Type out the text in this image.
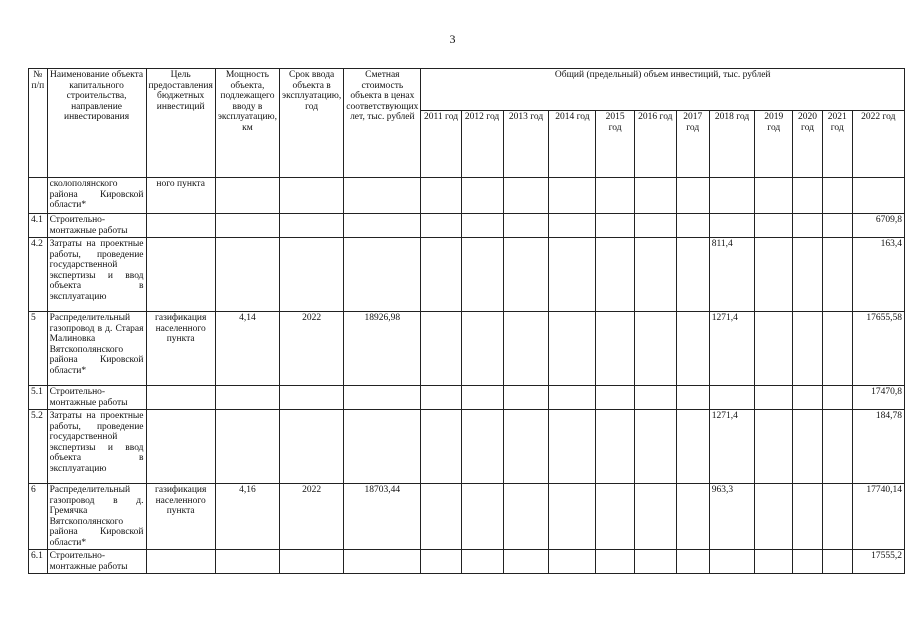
3
№ п/п	Наименование объекта капитального строительства, направление инвестирования	Цель предоставления бюджетных инвестиций	Мощность объекта, подлежащего вводу в эксплуатацию, км	Срок ввода объекта в эксплуатацию, год	Сметная стоимость объекта в ценах соответствующих лет, тыс. рублей	Общий (предельный) объем инвестиций, тыс. рублей											
						2011 год	2012 год	2013 год	2014 год	2015 год	2016 год	2017 год	2018 год	2019 год	2020 год	2021 год	2022 год
	сколополянского района Кировской области*	ного пункта															
4.1	Строительно-монтажные работы																6709,8
4.2	Затраты на проектные работы, проведение государственной экспертизы и ввод объекта в эксплуатацию												811,4				163,4
5	Распределительный газопровод в д. Старая Малиновка Вятскополянского района Кировской области*	газификация населенного пункта	4,14	2022	18926,98								1271,4				17655,58
5.1	Строительно-монтажные работы																17470,8
5.2	Затраты на проектные работы, проведение государственной экспертизы и ввод объекта в эксплуатацию												1271,4				184,78
6	Распределительный газопровод в д. Гремячка Вятскополянского района Кировской области*	газификация населенного пункта	4,16	2022	18703,44								963,3				17740,14
6.1	Строительно-монтажные работы																17555,2
